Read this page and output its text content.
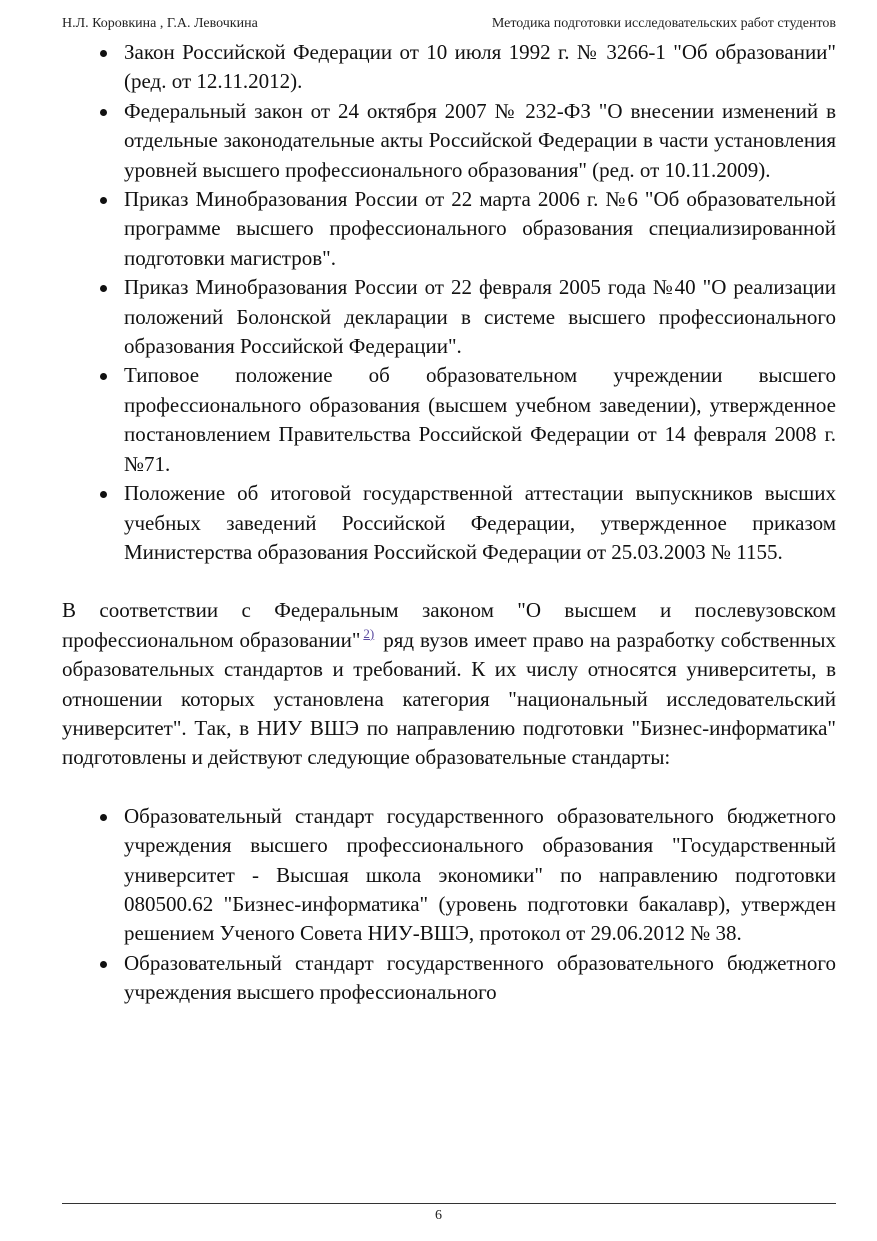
Н.Л. Коровкина , Г.А. Левочкина	Методика подготовки исследовательских работ студентов
Закон Российской Федерации от 10 июля 1992 г. № 3266-1 "Об образовании" (ред. от 12.11.2012).
Федеральный закон от 24 октября 2007 № 232-ФЗ "О внесении изменений в отдельные законодательные акты Российской Федерации в части установления уровней высшего профессионального образования" (ред. от 10.11.2009).
Приказ Минобразования России от 22 марта 2006 г. №6 "Об образовательной программе высшего профессионального образования специализированной подготовки магистров".
Приказ Минобразования России от 22 февраля 2005 года №40 "О реализации положений Болонской декларации в системе высшего профессионального образования Российской Федерации".
Типовое положение об образовательном учреждении высшего профессионального образования (высшем учебном заведении), утвержденное постановлением Правительства Российской Федерации от 14 февраля 2008 г. №71.
Положение об итоговой государственной аттестации выпускников высших учебных заведений Российской Федерации, утвержденное приказом Министерства образования Российской Федерации от 25.03.2003 № 1155.

В соответствии с Федеральным законом "О высшем и послевузовском профессиональном образовании" $^{2)}$ ряд вузов имеет право на разработку собственных образовательных стандартов и требований. К их числу относятся университеты, в отношении которых установлена категория "национальный исследовательский университет". Так, в НИУ ВШЭ по направлению подготовки "Бизнес-информатика" подготовлены и действуют следующие образовательные стандарты:

Образовательный стандарт государственного образовательного бюджетного учреждения высшего профессионального образования "Государственный университет - Высшая школа экономики" по направлению подготовки 080500.62 "Бизнес-информатика" (уровень подготовки бакалавр), утвержден решением Ученого Совета НИУ-ВШЭ, протокол от 29.06.2012 № 38.
Образовательный стандарт государственного образовательного бюджетного учреждения высшего профессионального
6
